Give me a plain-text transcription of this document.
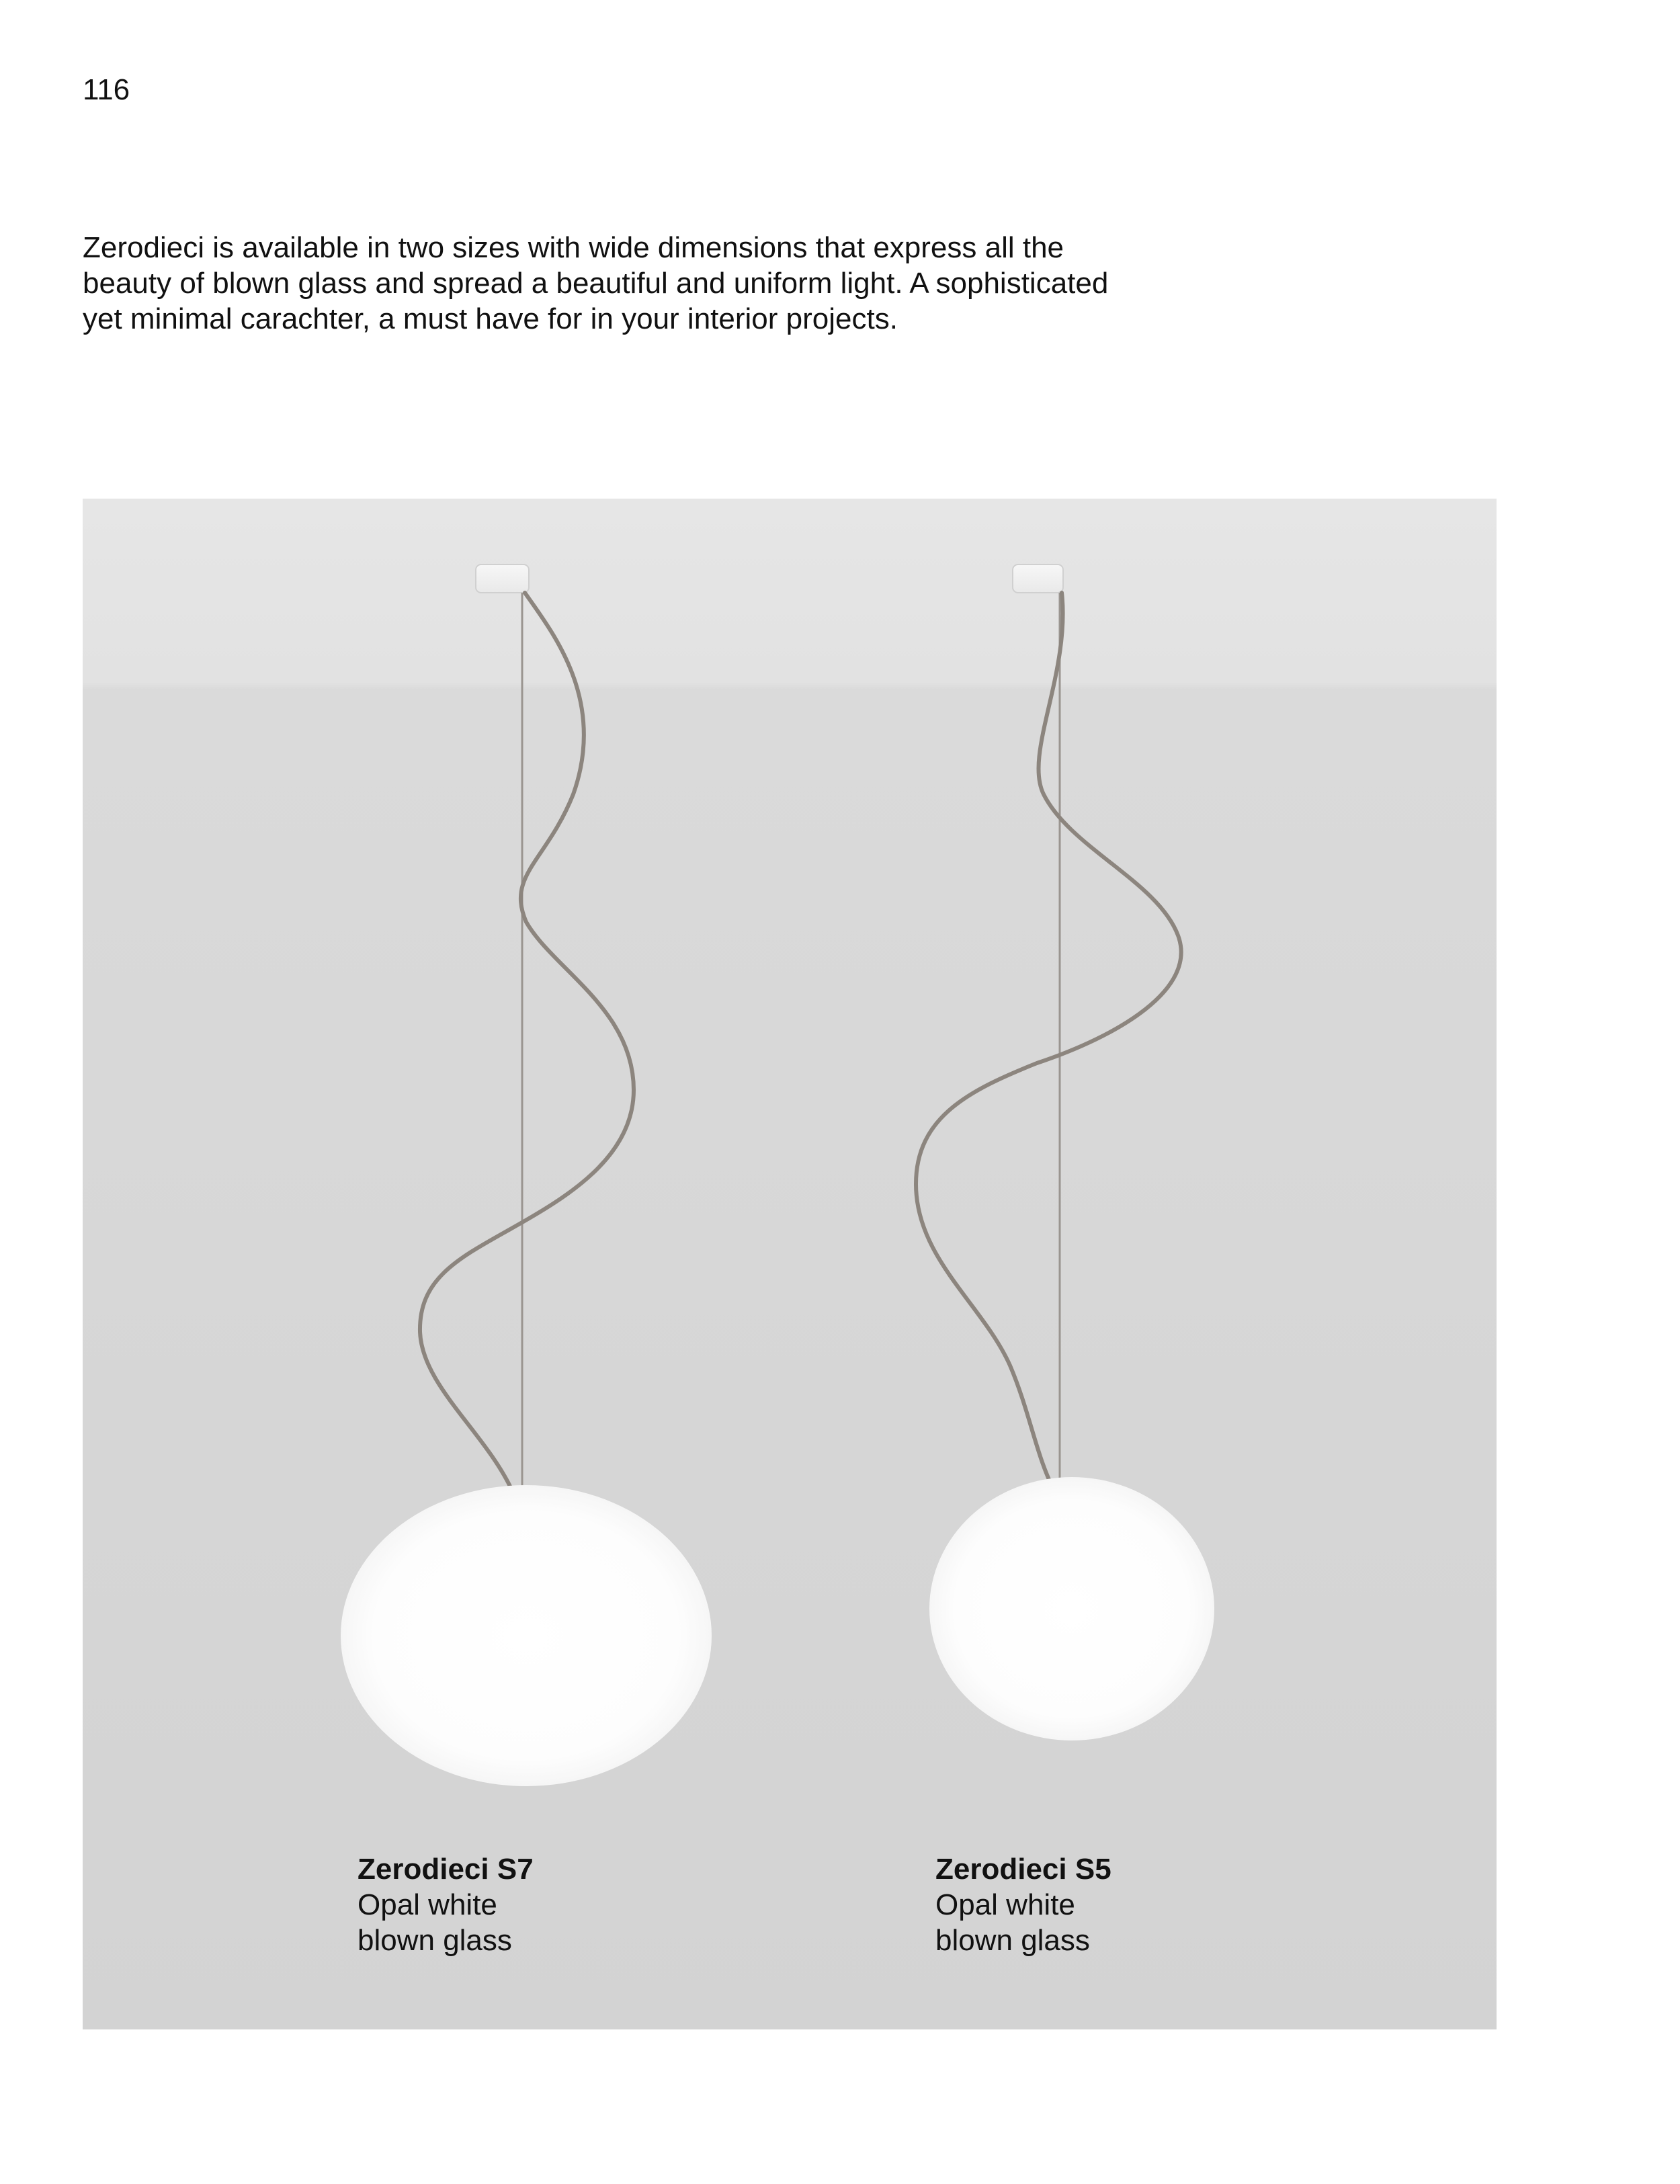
116
Zerodieci is available in two sizes with wide dimensions that express all the
beauty of blown glass and spread a beautiful and uniform light. A sophisticated
yet minimal carachter, a must have for in your interior projects.
Zerodieci S7
Opal white
blown glass
Zerodieci S5
Opal white
blown glass
